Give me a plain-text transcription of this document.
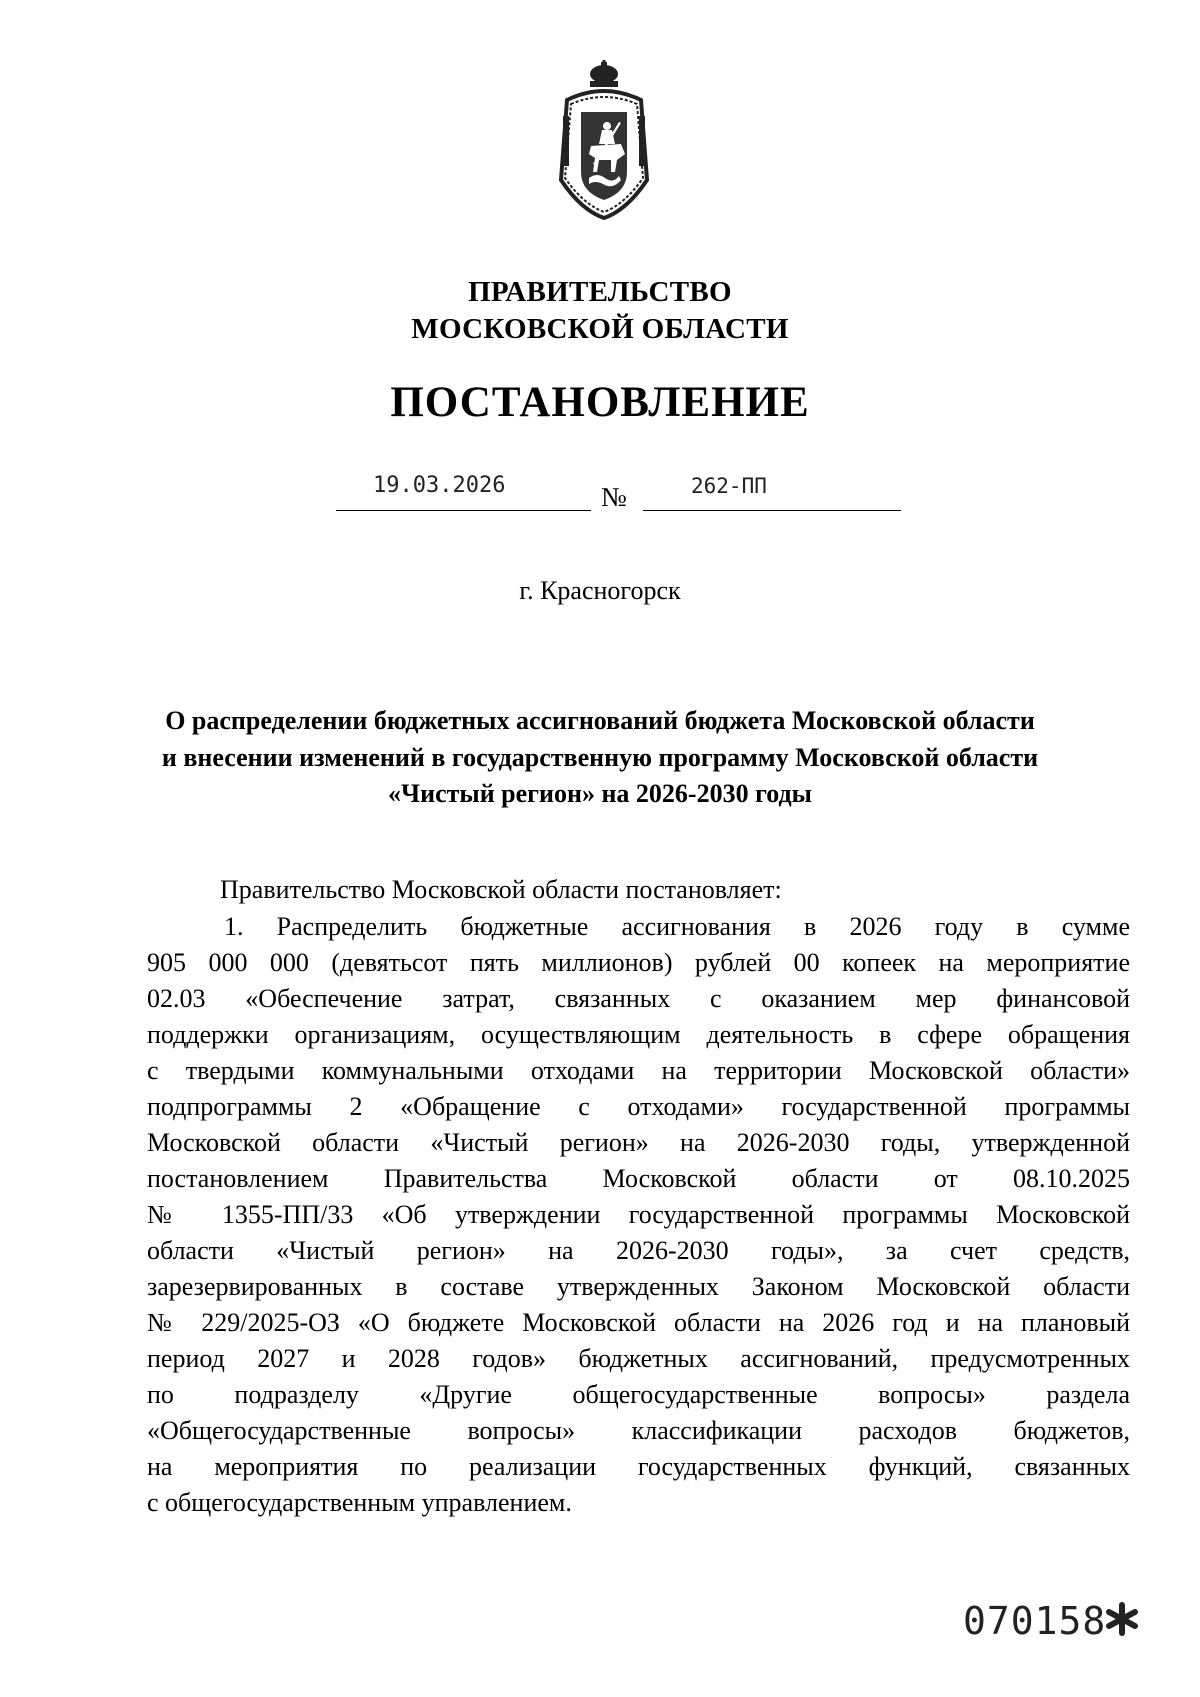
ПРАВИТЕЛЬСТВО
МОСКОВСКОЙ ОБЛАСТИ
ПОСТАНОВЛЕНИЕ
19.03.2026	№	262-ПП
г. Красногорск
О распределении бюджетных ассигнований бюджета Московской области
и внесении изменений в государственную программу Московской области
«Чистый регион» на 2026-2030 годы
Правительство Московской области постановляет:
1. Распределить бюджетные ассигнования в 2026 году в сумме
905 000 000 (девятьсот пять миллионов) рублей 00 копеек на мероприятие
02.03 «Обеспечение затрат, связанных с оказанием мер финансовой
поддержки организациям, осуществляющим деятельность в сфере обращения
с твердыми коммунальными отходами на территории Московской области»
подпрограммы 2 «Обращение с отходами» государственной программы
Московской области «Чистый регион» на 2026-2030 годы, утвержденной
постановлением Правительства Московской области от 08.10.2025
№ 1355-ПП/33 «Об утверждении государственной программы Московской
области «Чистый регион» на 2026-2030 годы», за счет средств,
зарезервированных в составе утвержденных Законом Московской области
№ 229/2025-ОЗ «О бюджете Московской области на 2026 год и на плановый
период 2027 и 2028 годов» бюджетных ассигнований, предусмотренных
по подразделу «Другие общегосударственные вопросы» раздела
«Общегосударственные вопросы» классификации расходов бюджетов,
на мероприятия по реализации государственных функций, связанных
с общегосударственным управлением.
070158
